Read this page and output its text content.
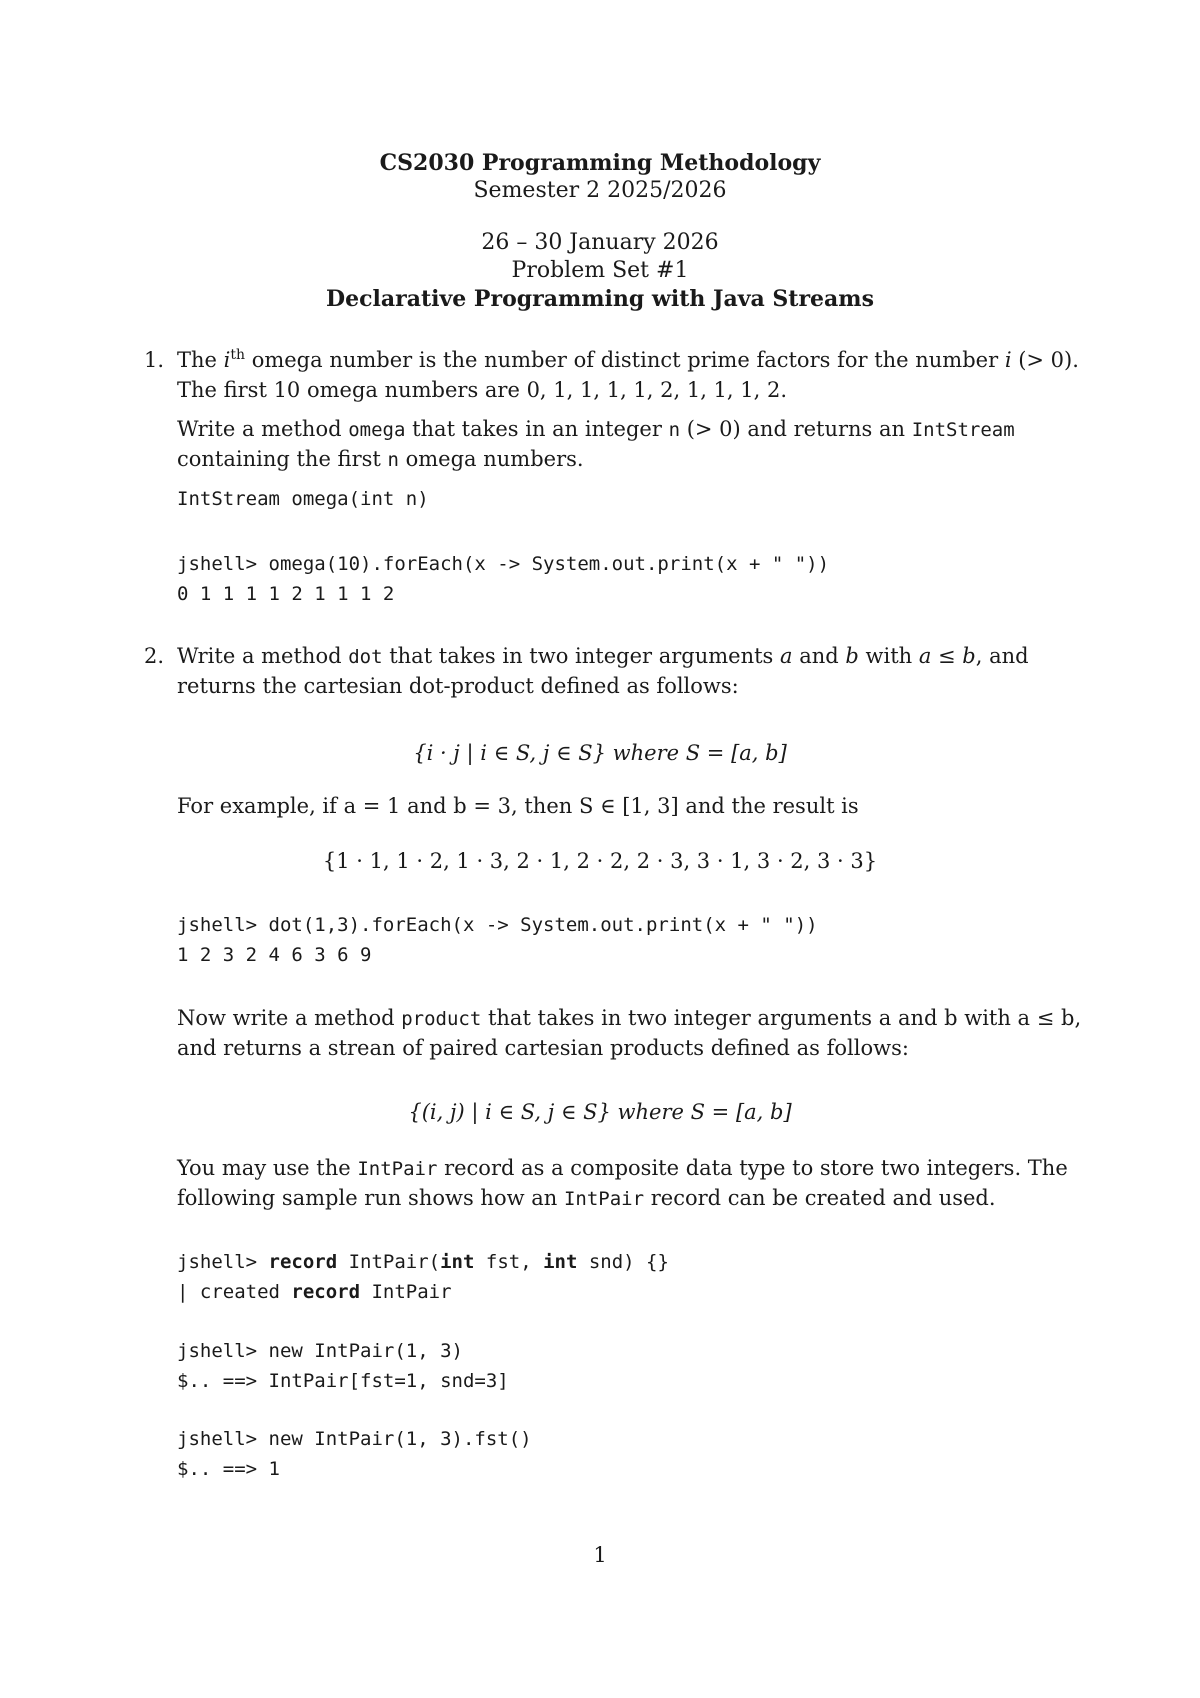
CS2030 Programming Methodology
Semester 2 2025/2026
26 – 30 January 2026
Problem Set #1
Declarative Programming with Java Streams
1. The $i^{th}$ omega number is the number of distinct prime factors for the number i (> 0).
The first 10 omega numbers are 0, 1, 1, 1, 1, 2, 1, 1, 1, 2.
Write a method omega that takes in an integer n (> 0) and returns an IntStream
containing the first n omega numbers.
IntStream omega(int n)
jshell> omega(10).forEach(x -> System.out.print(x + " "))
0 1 1 1 1 2 1 1 1 2
2. Write a method dot that takes in two integer arguments a and b with a ≤ b, and
returns the cartesian dot-product defined as follows:
{i · j | i ∈ S, j ∈ S} where S = [a, b]
For example, if a = 1 and b = 3, then S ∈ [1, 3] and the result is
{1 · 1, 1 · 2, 1 · 3, 2 · 1, 2 · 2, 2 · 3, 3 · 1, 3 · 2, 3 · 3}
jshell> dot(1,3).forEach(x -> System.out.print(x + " "))
1 2 3 2 4 6 3 6 9
Now write a method product that takes in two integer arguments a and b with a ≤ b,
and returns a strean of paired cartesian products defined as follows:
{(i, j) | i ∈ S, j ∈ S} where S = [a, b]
You may use the IntPair record as a composite data type to store two integers. The
following sample run shows how an IntPair record can be created and used.
jshell> record IntPair(int fst, int snd) {}
| created record IntPair
jshell> new IntPair(1, 3)
$.. ==> IntPair[fst=1, snd=3]
jshell> new IntPair(1, 3).fst()
$.. ==> 1
1
